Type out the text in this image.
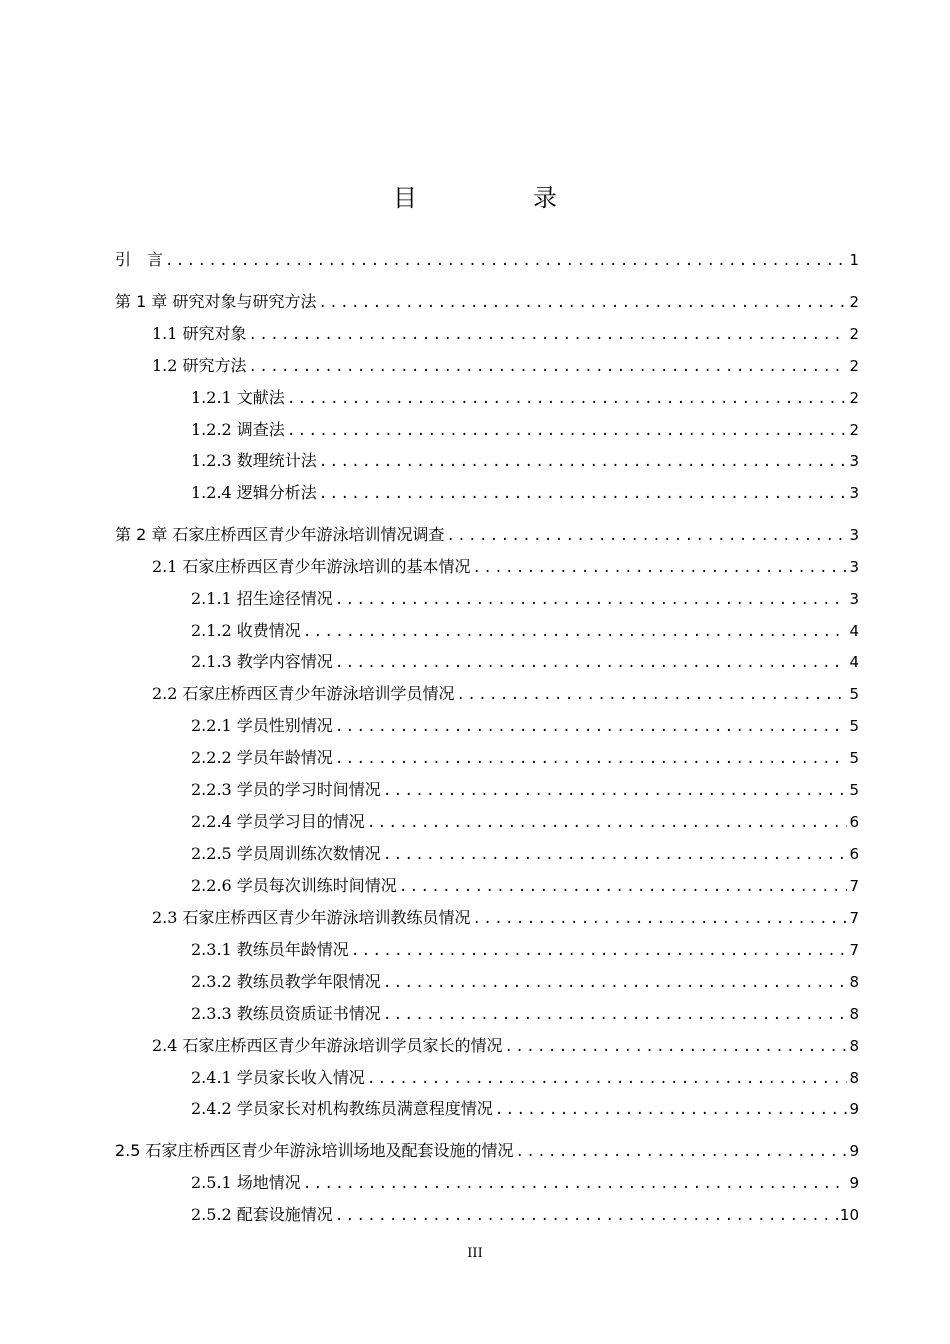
目　录
引　言 .....	1
第 1 章 研究对象与研究方法 .....	2
1.1 研究对象 .....	2
1.2 研究方法 .....	2
1.2.1 文献法 .....	2
1.2.2 调查法 .....	2
1.2.3 数理统计法 .....	3
1.2.4 逻辑分析法 .....	3
第 2 章 石家庄桥西区青少年游泳培训情况调查 .....	3
2.1 石家庄桥西区青少年游泳培训的基本情况 .....	3
2.1.1 招生途径情况 .....	3
2.1.2 收费情况 .....	4
2.1.3 教学内容情况 .....	4
2.2 石家庄桥西区青少年游泳培训学员情况 .....	5
2.2.1 学员性别情况 .....	5
2.2.2 学员年龄情况 .....	5
2.2.3 学员的学习时间情况 .....	5
2.2.4 学员学习目的情况 .....	6
2.2.5 学员周训练次数情况 .....	6
2.2.6 学员每次训练时间情况 .....	7
2.3 石家庄桥西区青少年游泳培训教练员情况 .....	7
2.3.1 教练员年龄情况 .....	7
2.3.2 教练员教学年限情况 .....	8
2.3.3 教练员资质证书情况 .....	8
2.4 石家庄桥西区青少年游泳培训学员家长的情况 .....	8
2.4.1 学员家长收入情况 .....	8
2.4.2 学员家长对机构教练员满意程度情况 .....	9
2.5 石家庄桥西区青少年游泳培训场地及配套设施的情况 .....	9
2.5.1 场地情况 .....	9
2.5.2 配套设施情况 .....	10
III
